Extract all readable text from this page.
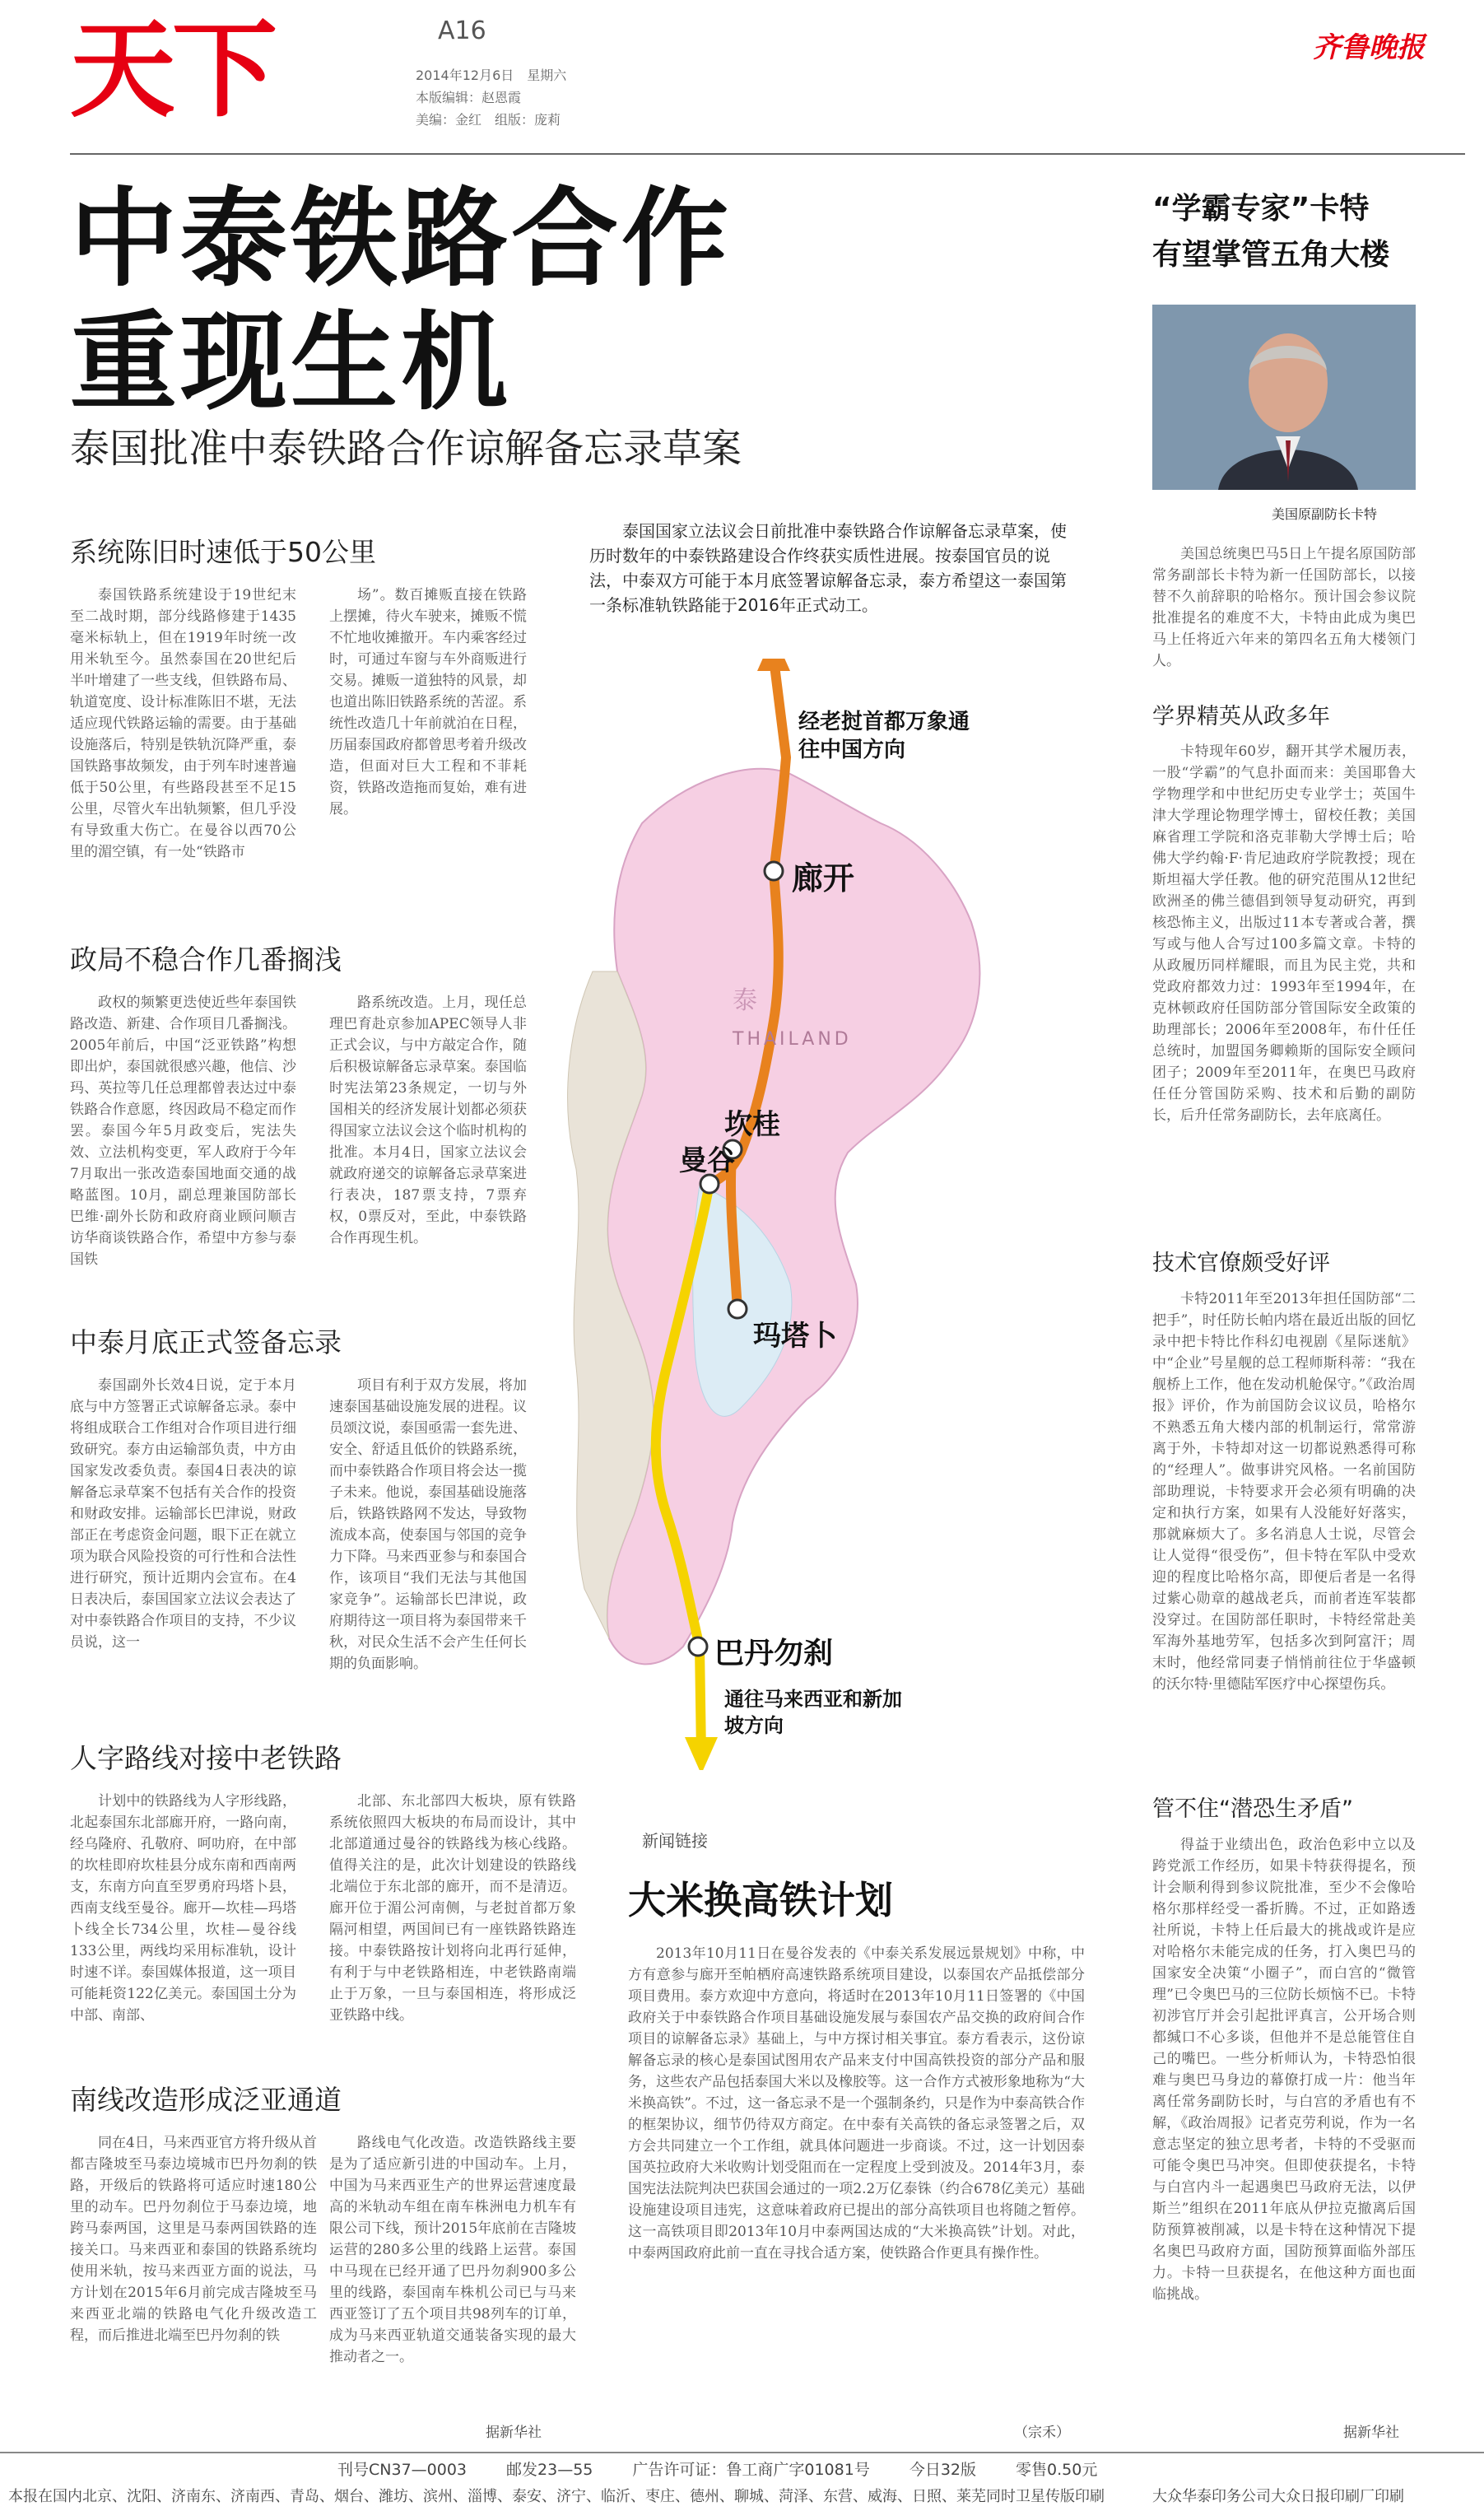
天下	A16
2014年12月6日　星期六
本版编辑：赵恩霞
美编：金红　组版：庞莉
齐鲁晚报
中泰铁路合作
重现生机
泰国批准中泰铁路合作谅解备忘录草案
泰国国家立法议会日前批准中泰铁路合作谅解备忘录草案，使历时数年的中泰铁路建设合作终获实质性进展。按泰国官员的说法，中泰双方可能于本月底签署谅解备忘录，泰方希望这一泰国第一条标准轨铁路能于2016年正式动工。
系统陈旧时速低于50公里
泰国铁路系统建设于19世纪末至二战时期，部分线路修建于1435毫米标轨上，但在1919年时统一改用米轨至今。虽然泰国在20世纪后半叶增建了一些支线，但铁路布局、轨道宽度、设计标准陈旧不堪，无法适应现代铁路运输的需要。由于基础设施落后，特别是铁轨沉降严重，泰国铁路事故频发，由于列车时速普遍低于50公里，有些路段甚至不足15公里，尽管火车出轨频繁，但几乎没有导致重大伤亡。在曼谷以西70公里的湄空镇，有一处“铁路市
场”。数百摊贩直接在铁路上摆摊，待火车驶来，摊贩不慌不忙地收摊撤开。车内乘客经过时，可通过车窗与车外商贩进行交易。摊贩一道独特的风景，却也道出陈旧铁路系统的苦涩。系统性改造几十年前就泊在日程，历届泰国政府都曾思考着升级改造，但面对巨大工程和不菲耗资，铁路改造拖而复始，难有进展。
政局不稳合作几番搁浅
政权的频繁更迭使近些年泰国铁路改造、新建、合作项目几番搁浅。2005年前后，中国“泛亚铁路”构想即出炉，泰国就很感兴趣，他信、沙玛、英拉等几任总理都曾表达过中泰铁路合作意愿，终因政局不稳定而作罢。泰国今年5月政变后，宪法失效、立法机构变更，军人政府于今年7月取出一张改造泰国地面交通的战略蓝图。10月，副总理兼国防部长巴维·副外长防和政府商业顾问顺吉访华商谈铁路合作，希望中方参与泰国铁
路系统改造。上月，现任总理巴育赴京参加APEC领导人非正式会议，与中方敲定合作，随后积极谅解备忘录草案。泰国临时宪法第23条规定，一切与外国相关的经济发展计划都必须获得国家立法议会这个临时机构的批准。本月4日，国家立法议会就政府递交的谅解备忘录草案进行表决，187票支持，7票弃权，0票反对，至此，中泰铁路合作再现生机。
中泰月底正式签备忘录
泰国副外长效4日说，定于本月底与中方签署正式谅解备忘录。泰中将组成联合工作组对合作项目进行细致研究。泰方由运输部负责，中方由国家发改委负责。泰国4日表决的谅解备忘录草案不包括有关合作的投资和财政安排。运输部长巴津说，财政部正在考虑资金问题，眼下正在就立项为联合风险投资的可行性和合法性进行研究，预计近期内会宣布。在4日表决后，泰国国家立法议会表达了对中泰铁路合作项目的支持，不少议员说，这一
项目有利于双方发展，将加速泰国基础设施发展的进程。议员颂汶说，泰国亟需一套先进、安全、舒适且低价的铁路系统，而中泰铁路合作项目将会达一揽子未来。他说，泰国基础设施落后，铁路铁路网不发达，导致物流成本高，使泰国与邻国的竞争力下降。马来西亚参与和泰国合作，该项目“我们无法与其他国家竞争”。运输部长巴津说，政府期待这一项目将为泰国带来千秋，对民众生活不会产生任何长期的负面影响。
人字路线对接中老铁路
计划中的铁路线为人字形线路，北起泰国东北部廊开府，一路向南，经乌隆府、孔敬府、呵叻府，在中部的坎桂即府坎桂县分成东南和西南两支，东南方向直至罗勇府玛塔卜县，西南支线至曼谷。廊开—坎桂—玛塔卜线全长734公里，坎桂—曼谷线133公里，两线均采用标准轨，设计时速不详。泰国媒体报道，这一项目可能耗资122亿美元。泰国国土分为中部、南部、
北部、东北部四大板块，原有铁路系统依照四大板块的布局而设计，其中北部道通过曼谷的铁路线为核心线路。值得关注的是，此次计划建设的铁路线北端位于东北部的廊开，而不是清迈。廊开位于湄公河南侧，与老挝首都万象隔河相望，两国间已有一座铁路铁路连接。中泰铁路按计划将向北再行延伸，有利于与中老铁路相连，中老铁路南端止于万象，一旦与泰国相连，将形成泛亚铁路中线。
南线改造形成泛亚通道
同在4日，马来西亚官方将升级从首都吉隆坡至马泰边境城市巴丹勿刹的铁路，开级后的铁路将可适应时速180公里的动车。巴丹勿刹位于马泰边境，地跨马泰两国，这里是马泰两国铁路的连接关口。马来西亚和泰国的铁路系统均使用米轨，按马来西亚方面的说法，马方计划在2015年6月前完成吉隆坡至马来西亚北端的铁路电气化升级改造工程，而后推进北端至巴丹勿刹的铁
路线电气化改造。改造铁路线主要是为了适应新引进的中国动车。上月，中国为马来西亚生产的世界运营速度最高的米轨动车组在南车株洲电力机车有限公司下线，预计2015年底前在吉隆坡运营的280多公里的线路上运营。泰国中马现在已经开通了巴丹勿刹900多公里的线路，泰国南车株机公司已与马来西亚签订了五个项目共98列车的订单，成为马来西亚轨道交通装备实现的最大推动者之一。
据新华社
经老挝首都万象通往中国方向
廊开
THAILAND
泰
坎桂
曼谷
玛塔卜
巴丹勿刹
通往马来西亚和新加坡方向
新闻链接
大米换高铁计划
2013年10月11日在曼谷发表的《中泰关系发展远景规划》中称，中方有意参与廊开至帕栖府高速铁路系统项目建设，以泰国农产品抵偿部分项目费用。泰方欢迎中方意向，将适时在2013年10月11日签署的《中国政府关于中泰铁路合作项目基础设施发展与泰国农产品交换的政府间合作项目的谅解备忘录》基础上，与中方探讨相关事宜。泰方看表示，这份谅解备忘录的核心是泰国试图用农产品来支付中国高铁投资的部分产品和服务，这些农产品包括泰国大米以及橡胶等。这一合作方式被形象地称为“大米换高铁”。不过，这一备忘录不是一个强制条约，只是作为中泰高铁合作的框架协议，细节仍待双方商定。在中泰有关高铁的备忘录签署之后，双方会共同建立一个工作组，就具体问题进一步商谈。不过，这一计划因泰国英拉政府大米收购计划受阻而在一定程度上受到波及。2014年3月，泰国宪法法院判决巴获国会通过的一项2.2万亿泰铢（约合678亿美元）基础设施建设项目违宪，这意味着政府已提出的部分高铁项目也将随之暂停。这一高铁项目即2013年10月中泰两国达成的“大米换高铁”计划。对此，中泰两国政府此前一直在寻找合适方案，使铁路合作更具有操作性。
（宗禾）
“学霸专家”卡特
有望掌管五角大楼
美国原副防长卡特
美国总统奥巴马5日上午提名原国防部常务副部长卡特为新一任国防部长，以接替不久前辞职的哈格尔。预计国会参议院批准提名的难度不大，卡特由此成为奥巴马上任将近六年来的第四名五角大楼领门人。
学界精英从政多年
卡特现年60岁，翻开其学术履历表，一股“学霸”的气息扑面而来：美国耶鲁大学物理学和中世纪历史专业学士；英国牛津大学理论物理学博士，留校任教；美国麻省理工学院和洛克菲勒大学博士后；哈佛大学约翰·F·肯尼迪政府学院教授；现在斯坦福大学任教。他的研究范围从12世纪欧洲圣的佛兰德倡到领导复动研究，再到核恐怖主义，出版过11本专著或合著，撰写或与他人合写过100多篇文章。卡特的从政履历同样耀眼，而且为民主党，共和党政府都效力过：1993年至1994年，在克林顿政府任国防部分管国际安全政策的助理部长；2006年至2008年，布什任任总统时，加盟国务卿赖斯的国际安全顾问团子；2009年至2011年，在奥巴马政府任任分管国防采购、技术和后勤的副防长，后升任常务副防长，去年底离任。
技术官僚颇受好评
卡特2011年至2013年担任国防部“二把手”，时任防长帕内塔在最近出版的回忆录中把卡特比作科幻电视剧《星际迷航》中“企业”号星舰的总工程师斯科蒂：“我在舰桥上工作，他在发动机舱保守。”《政治周报》评价，作为前国防会议议员，哈格尔不熟悉五角大楼内部的机制运行，常常游离于外，卡特却对这一切都说熟悉得可称的“经理人”。做事讲究风格。一名前国防部助理说，卡特要求开会必须有明确的决定和执行方案，如果有人没能好好落实，那就麻烦大了。多名消息人士说，尽管会让人觉得“很受伤”，但卡特在军队中受欢迎的程度比哈格尔高，即便后者是一名得过紫心勋章的越战老兵，而前者连军装都没穿过。在国防部任职时，卡特经常赴美军海外基地劳军，包括多次到阿富汗；周末时，他经常同妻子悄悄前往位于华盛顿的沃尔特·里德陆军医疗中心探望伤兵。
管不住“潜恐生矛盾”
得益于业绩出色，政治色彩中立以及跨党派工作经历，如果卡特获得提名，预计会顺利得到参议院批准，至少不会像哈格尔那样经受一番折腾。不过，正如路透社所说，卡特上任后最大的挑战或许是应对哈格尔未能完成的任务，打入奥巴马的国家安全决策“小圈子”，而白宫的“微管理”已令奥巴马的三位防长烦恼不已。卡特初涉官厅并会引起批评真言，公开场合则都缄口不心多谈，但他并不是总能管住自己的嘴巴。一些分析师认为，卡特恐怕很难与奥巴马身边的幕僚打成一片：他当年离任常务副防长时，与白宫的矛盾也有不解，《政治周报》记者克劳利说，作为一名意志坚定的独立思考者，卡特的不受驱而可能令奥巴马冲突。但即使获提名，卡特与白宫内斗一起遇奥巴马政府无法，以伊斯兰”组织在2011年底从伊拉克撤离后国防预算被削减，以是卡特在这种情况下提名奥巴马政府方面，国防预算面临外部压力。卡特一旦获提名，在他这种方面也面临挑战。
据新华社
刊号CN37—0003	邮发23—55	广告许可证：鲁工商广字01081号	今日32版	零售0.50元
本报在国内北京、沈阳、济南东、济南西、青岛、烟台、潍坊、滨州、淄博、泰安、济宁、临沂、枣庄、德州、聊城、菏泽、东营、威海、日照、莱芜同时卫星传版印刷	大众华泰印务公司大众日报印刷厂印刷
